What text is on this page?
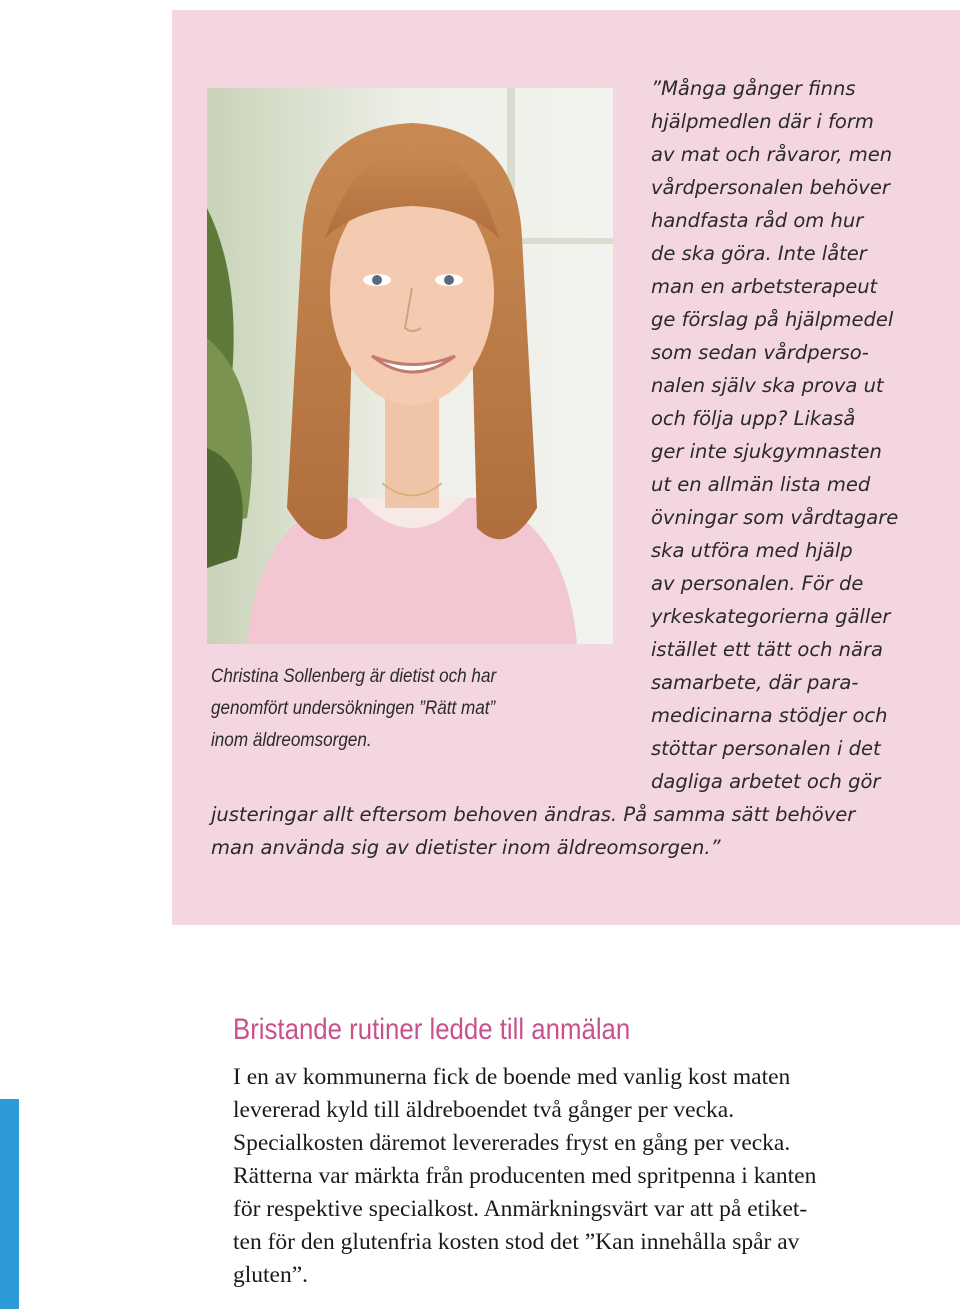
Christina Sollenberg är dietist och har
genomfört undersökningen ”Rätt mat”
inom äldreomsorgen.
”Många gånger finns
hjälpmedlen där i form
av mat och råvaror, men
vårdpersonalen behöver
handfasta råd om hur
de ska göra. Inte låter
man en arbetsterapeut
ge förslag på hjälpmedel
som sedan vårdperso-
nalen själv ska prova ut
och följa upp? Likaså
ger inte sjukgymnasten
ut en allmän lista med
övningar som vårdtagare
ska utföra med hjälp
av personalen. För de
yrkeskategorierna gäller
istället ett tätt och nära
samarbete, där para-
medicinarna stödjer och
stöttar personalen i det
dagliga arbetet och gör
justeringar allt eftersom behoven ändras. På samma sätt behöver
man använda sig av dietister inom äldreomsorgen.”
Bristande rutiner ledde till anmälan
I en av kommunerna fick de boende med vanlig kost maten
levererad kyld till äldreboendet två gånger per vecka.
Specialkosten däremot levererades fryst en gång per vecka.
Rätterna var märkta från producenten med spritpenna i kanten
för respektive specialkost. Anmärkningsvärt var att på etiket-
ten för den glutenfria kosten stod det ”Kan innehålla spår av
gluten”.
